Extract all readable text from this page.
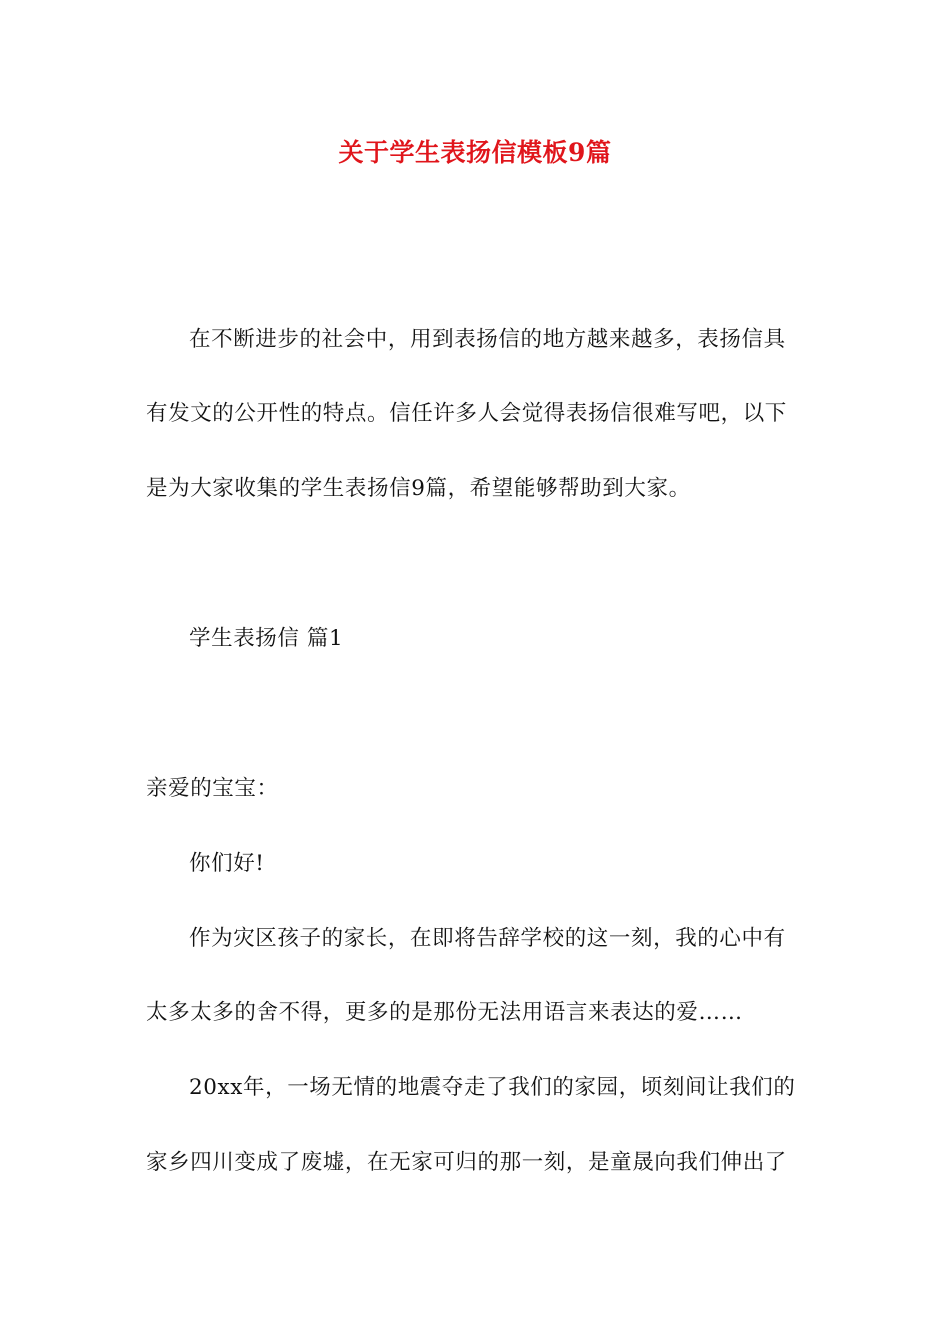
关于学生表扬信模板9篇
在不断进步的社会中，用到表扬信的地方越来越多，表扬信具
有发文的公开性的特点。信任许多人会觉得表扬信很难写吧，以下
是为大家收集的学生表扬信9篇，希望能够帮助到大家。
学生表扬信 篇1
亲爱的宝宝：
你们好!
作为灾区孩子的家长，在即将告辞学校的这一刻，我的心中有
太多太多的舍不得，更多的是那份无法用语言来表达的爱……
20xx年，一场无情的地震夺走了我们的家园，顷刻间让我们的
家乡四川变成了废墟，在无家可归的那一刻，是童晟向我们伸出了
